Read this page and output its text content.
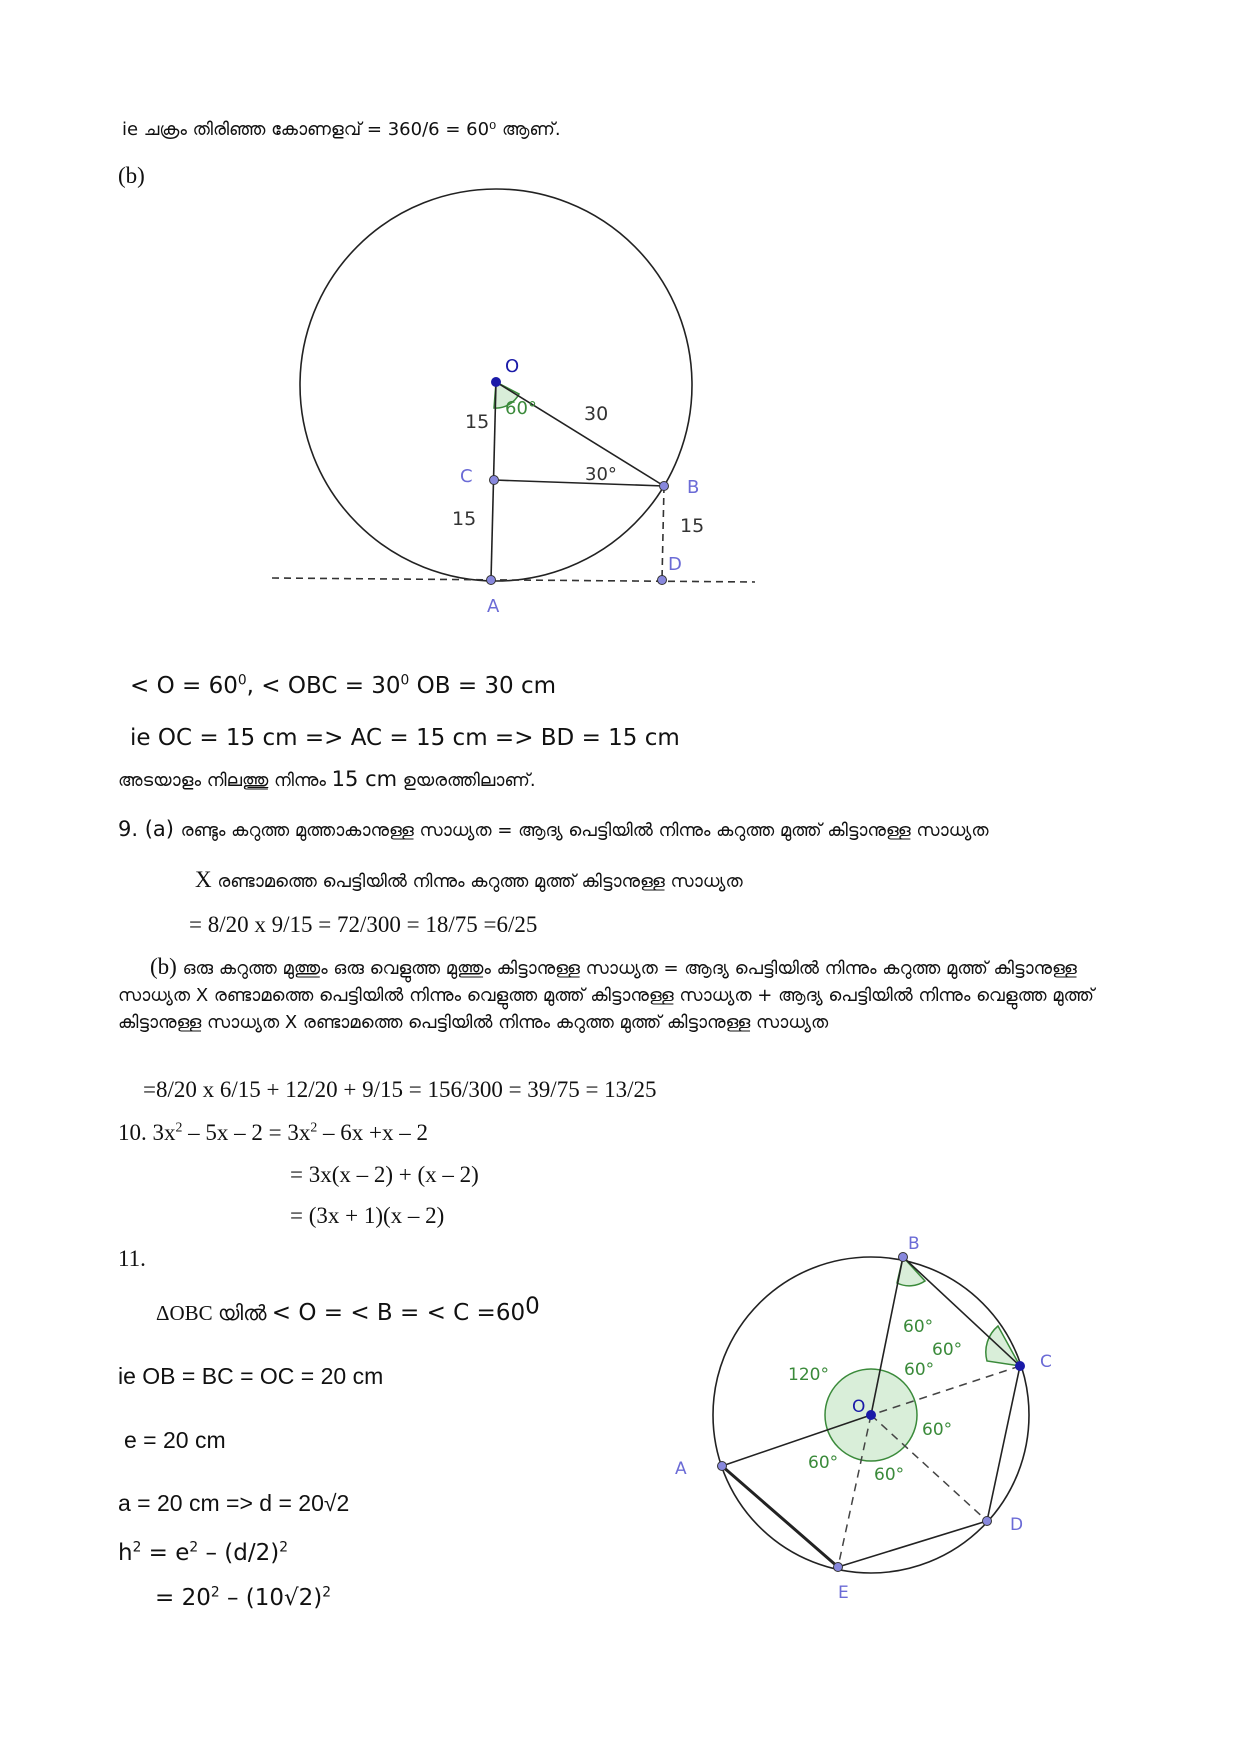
ie ചക്രം തിരിഞ്ഞ കോണളവ് = 360/6 = 60⁰ ആണ്.
(b)
O
C
B
A
D
60°
30°
15	30
15	15
< $O = 60^0$, < OBC = $30^0$ OB = 30 cm
ie OC = 15 cm => AC = 15 cm => BD = 15 cm
അടയാളം നിലത്തു നിന്നും 15 cm ഉയരത്തിലാണ്.
9. (a) രണ്ടും കറുത്ത മുത്താകാനുള്ള സാധ്യത = ആദ്യ പെട്ടിയിൽ നിന്നും കറുത്ത മുത്ത് കിട്ടാനുള്ള സാധ്യത
X രണ്ടാമത്തെ പെട്ടിയിൽ നിന്നും കറുത്ത മുത്ത് കിട്ടാനുള്ള സാധ്യത
= 8/20 x 9/15 = 72/300 = 18/75 =6/25
(b) ഒരു കറുത്ത മുത്തും ഒരു വെളുത്ത മുത്തും കിട്ടാനുള്ള സാധ്യത = ആദ്യ പെട്ടിയിൽ നിന്നും കറുത്ത മുത്ത് കിട്ടാനുള്ള സാധ്യത X രണ്ടാമത്തെ പെട്ടിയിൽ നിന്നും വെളുത്ത മുത്ത് കിട്ടാനുള്ള സാധ്യത + ആദ്യ പെട്ടിയിൽ നിന്നും വെളുത്ത മുത്ത് കിട്ടാനുള്ള സാധ്യത X രണ്ടാമത്തെ പെട്ടിയിൽ നിന്നും കറുത്ത മുത്ത് കിട്ടാനുള്ള സാധ്യത
=8/20 x 6/15 + 12/20 + 9/15 = 156/300 = 39/75 = 13/25
10. $3x^2 - 5x - 2 = 3x^2 - 6x +x - 2$
= 3x(x – 2) + (x – 2)
= (3x + 1)(x – 2)
11.
ΔOBC യിൽ < O = < B = < $C =60^0$
ie OB = BC = OC = 20 cm
e = 20 cm
a = 20 cm => d = 20√2
$h^2 = e^2 - (d/2)^2$
= $20^2 - (10√2)^2$
B
C
A
D
E
O
60°
60°
60°
120°
60°
60°
60°
